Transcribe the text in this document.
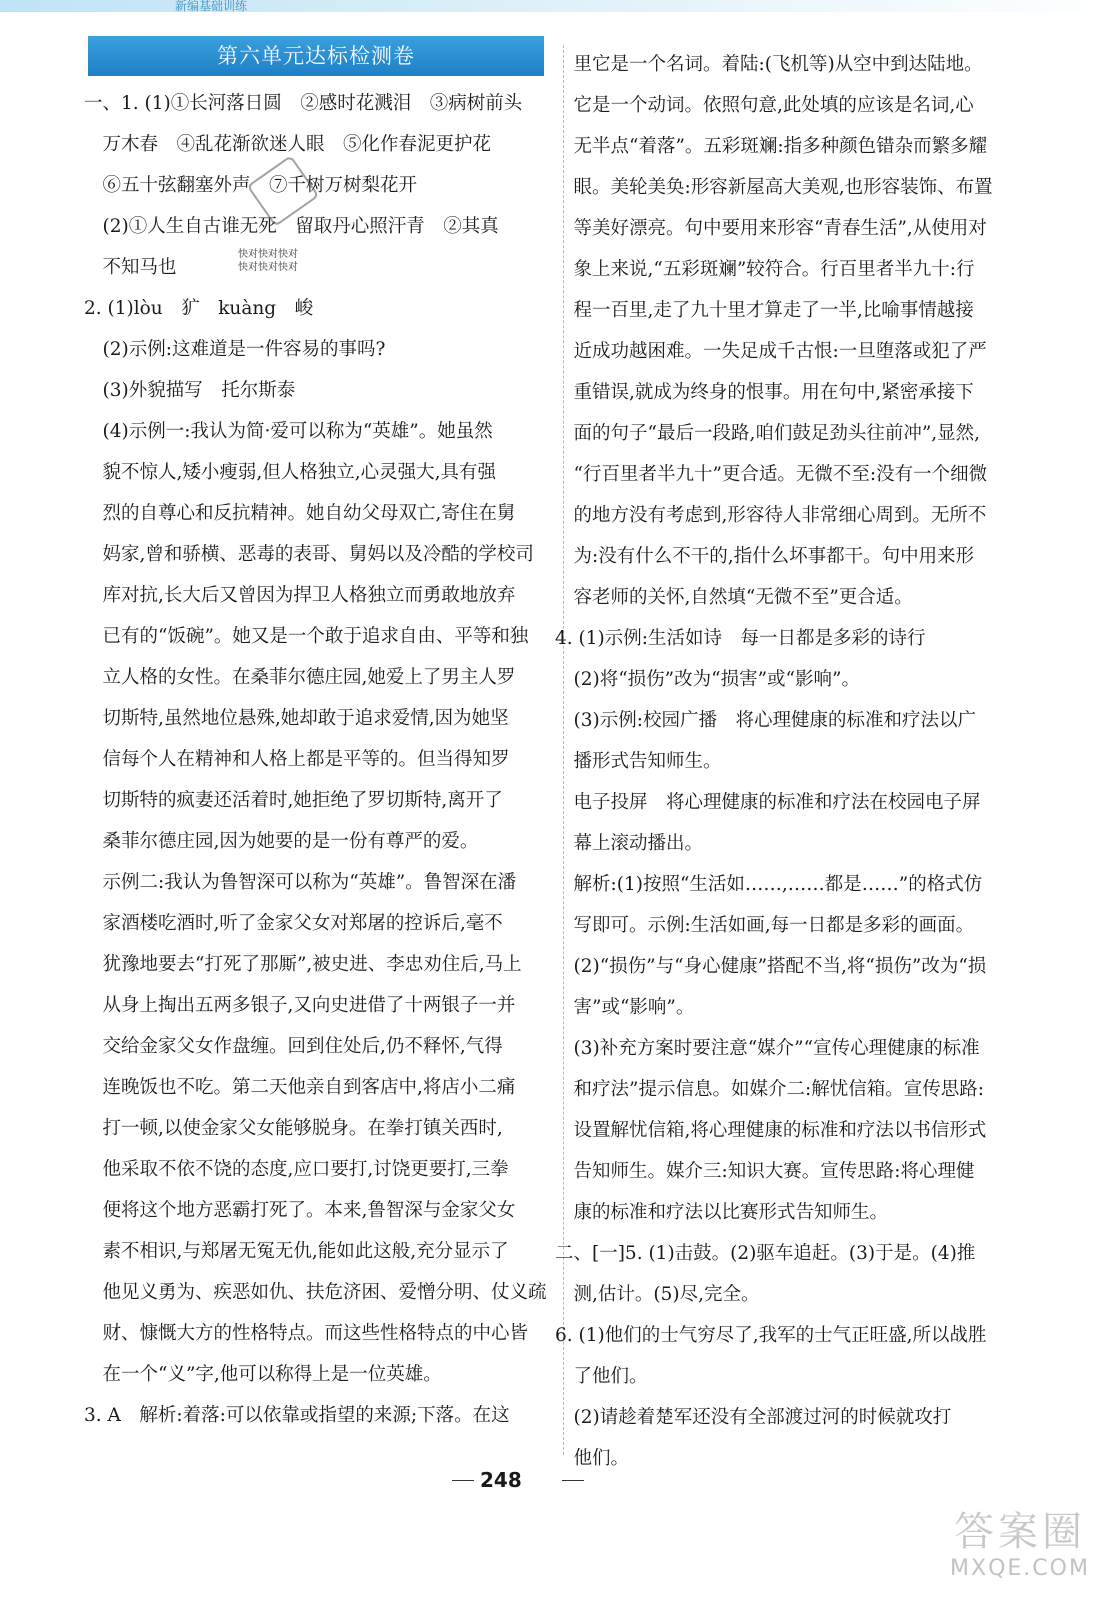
新编基础训练
第六单元达标检测卷
一、1. (1)①长河落日圆　②感时花溅泪　③病树前头
　万木春　④乱花渐欲迷人眼　⑤化作春泥更护花
　⑥五十弦翻塞外声　⑦千树万树梨花开
　(2)①人生自古谁无死　留取丹心照汗青　②其真
　不知马也
2. (1)lòu　犷　kuàng　峻
　(2)示例:这难道是一件容易的事吗?
　(3)外貌描写　托尔斯泰
　(4)示例一:我认为简·爱可以称为“英雄”。她虽然
　貌不惊人,矮小瘦弱,但人格独立,心灵强大,具有强
　烈的自尊心和反抗精神。她自幼父母双亡,寄住在舅
　妈家,曾和骄横、恶毒的表哥、舅妈以及冷酷的学校司
　库对抗,长大后又曾因为捍卫人格独立而勇敢地放弃
　已有的“饭碗”。她又是一个敢于追求自由、平等和独
　立人格的女性。在桑菲尔德庄园,她爱上了男主人罗
　切斯特,虽然地位悬殊,她却敢于追求爱情,因为她坚
　信每个人在精神和人格上都是平等的。但当得知罗
　切斯特的疯妻还活着时,她拒绝了罗切斯特,离开了
　桑菲尔德庄园,因为她要的是一份有尊严的爱。
　示例二:我认为鲁智深可以称为“英雄”。鲁智深在潘
　家酒楼吃酒时,听了金家父女对郑屠的控诉后,毫不
　犹豫地要去“打死了那厮”,被史进、李忠劝住后,马上
　从身上掏出五两多银子,又向史进借了十两银子一并
　交给金家父女作盘缠。回到住处后,仍不释怀,气得
　连晚饭也不吃。第二天他亲自到客店中,将店小二痛
　打一顿,以使金家父女能够脱身。在拳打镇关西时,
　他采取不依不饶的态度,应口要打,讨饶更要打,三拳
　便将这个地方恶霸打死了。本来,鲁智深与金家父女
　素不相识,与郑屠无冤无仇,能如此这般,充分显示了
　他见义勇为、疾恶如仇、扶危济困、爱憎分明、仗义疏
　财、慷慨大方的性格特点。而这些性格特点的中心皆
　在一个“义”字,他可以称得上是一位英雄。
3. A　解析:着落:可以依靠或指望的来源;下落。在这
　里它是一个名词。着陆:(飞机等)从空中到达陆地。
　它是一个动词。依照句意,此处填的应该是名词,心
　无半点“着落”。五彩斑斓:指多种颜色错杂而繁多耀
　眼。美轮美奂:形容新屋高大美观,也形容装饰、布置
　等美好漂亮。句中要用来形容“青春生活”,从使用对
　象上来说,“五彩斑斓”较符合。行百里者半九十:行
　程一百里,走了九十里才算走了一半,比喻事情越接
　近成功越困难。一失足成千古恨:一旦堕落或犯了严
　重错误,就成为终身的恨事。用在句中,紧密承接下
　面的句子“最后一段路,咱们鼓足劲头往前冲”,显然,
　“行百里者半九十”更合适。无微不至:没有一个细微
　的地方没有考虑到,形容待人非常细心周到。无所不
　为:没有什么不干的,指什么坏事都干。句中用来形
　容老师的关怀,自然填“无微不至”更合适。
4. (1)示例:生活如诗　每一日都是多彩的诗行
　(2)将“损伤”改为“损害”或“影响”。
　(3)示例:校园广播　将心理健康的标准和疗法以广
　播形式告知师生。
　电子投屏　将心理健康的标准和疗法在校园电子屏
　幕上滚动播出。
　解析:(1)按照“生活如……,……都是……”的格式仿
　写即可。示例:生活如画,每一日都是多彩的画面。
　(2)“损伤”与“身心健康”搭配不当,将“损伤”改为“损
　害”或“影响”。
　(3)补充方案时要注意“媒介”“宣传心理健康的标准
　和疗法”提示信息。如媒介二:解忧信箱。宣传思路:
　设置解忧信箱,将心理健康的标准和疗法以书信形式
　告知师生。媒介三:知识大赛。宣传思路:将心理健
　康的标准和疗法以比赛形式告知师生。
二、[一]5. (1)击鼓。(2)驱车追赶。(3)于是。(4)推
　测,估计。(5)尽,完全。
6. (1)他们的士气穷尽了,我军的士气正旺盛,所以战胜
　了他们。
　(2)请趁着楚军还没有全部渡过河的时候就攻打
　他们。
快对快对快对
快对快对快对
248
答案圈
MXQE.COM
